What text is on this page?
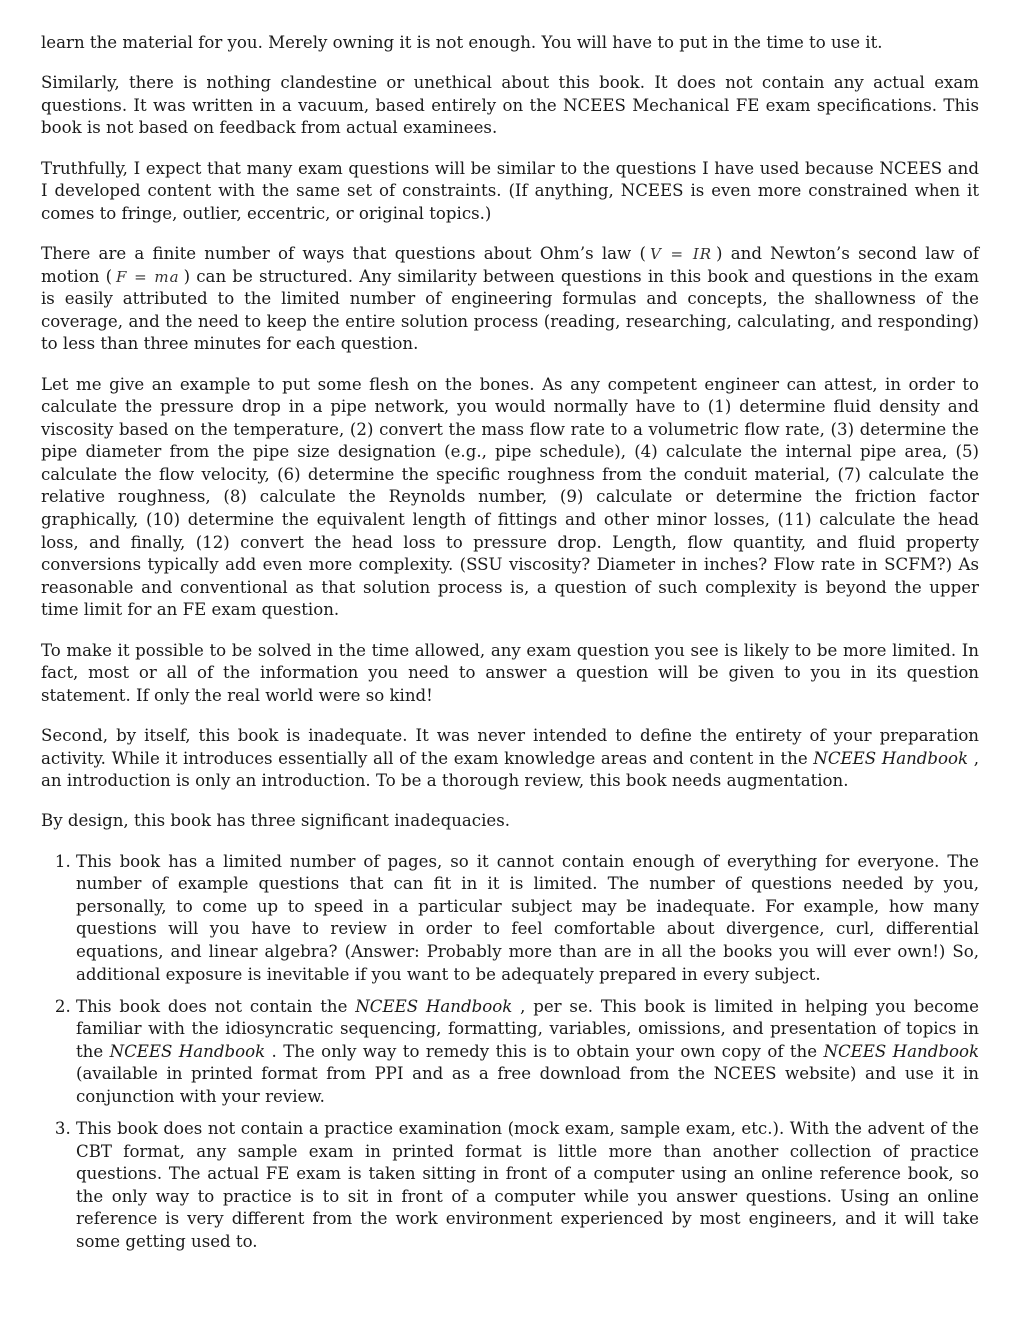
learn the material for you. Merely owning it is not enough. You will have to put in the time to use it.

Similarly, there is nothing clandestine or unethical about this book. It does not contain any actual exam questions. It was written in a vacuum, based entirely on the NCEES Mechanical FE exam specifications. This book is not based on feedback from actual examinees.

Truthfully, I expect that many exam questions will be similar to the questions I have used because NCEES and I developed content with the same set of constraints. (If anything, NCEES is even more constrained when it comes to fringe, outlier, eccentric, or original topics.)

There are a finite number of ways that questions about Ohm’s law ( V = IR ) and Newton’s second law of motion ( F = ma ) can be structured. Any similarity between questions in this book and questions in the exam is easily attributed to the limited number of engineering formulas and concepts, the shallowness of the coverage, and the need to keep the entire solution process (reading, researching, calculating, and responding) to less than three minutes for each question.

Let me give an example to put some flesh on the bones. As any competent engineer can attest, in order to calculate the pressure drop in a pipe network, you would normally have to (1) determine fluid density and viscosity based on the temperature, (2) convert the mass flow rate to a volumetric flow rate, (3) determine the pipe diameter from the pipe size designation (e.g., pipe schedule), (4) calculate the internal pipe area, (5) calculate the flow velocity, (6) determine the specific roughness from the conduit material, (7) calculate the relative roughness, (8) calculate the Reynolds number, (9) calculate or determine the friction factor graphically, (10) determine the equivalent length of fittings and other minor losses, (11) calculate the head loss, and finally, (12) convert the head loss to pressure drop. Length, flow quantity, and fluid property conversions typically add even more complexity. (SSU viscosity? Diameter in inches? Flow rate in SCFM?) As reasonable and conventional as that solution process is, a question of such complexity is beyond the upper time limit for an FE exam question.

To make it possible to be solved in the time allowed, any exam question you see is likely to be more limited. In fact, most or all of the information you need to answer a question will be given to you in its question statement. If only the real world were so kind!

Second, by itself, this book is inadequate. It was never intended to define the entirety of your preparation activity. While it introduces essentially all of the exam knowledge areas and content in the NCEES Handbook , an introduction is only an introduction. To be a thorough review, this book needs augmentation.

By design, this book has three significant inadequacies.

1. This book has a limited number of pages, so it cannot contain enough of everything for everyone. The number of example questions that can fit in it is limited. The number of questions needed by you, personally, to come up to speed in a particular subject may be inadequate. For example, how many questions will you have to review in order to feel comfortable about divergence, curl, differential equations, and linear algebra? (Answer: Probably more than are in all the books you will ever own!) So, additional exposure is inevitable if you want to be adequately prepared in every subject.
2. This book does not contain the NCEES Handbook , per se. This book is limited in helping you become familiar with the idiosyncratic sequencing, formatting, variables, omissions, and presentation of topics in the NCEES Handbook . The only way to remedy this is to obtain your own copy of the NCEES Handbook (available in printed format from PPI and as a free download from the NCEES website) and use it in conjunction with your review.
3. This book does not contain a practice examination (mock exam, sample exam, etc.). With the advent of the CBT format, any sample exam in printed format is little more than another collection of practice questions. The actual FE exam is taken sitting in front of a computer using an online reference book, so the only way to practice is to sit in front of a computer while you answer questions. Using an online reference is very different from the work environment experienced by most engineers, and it will take some getting used to.
